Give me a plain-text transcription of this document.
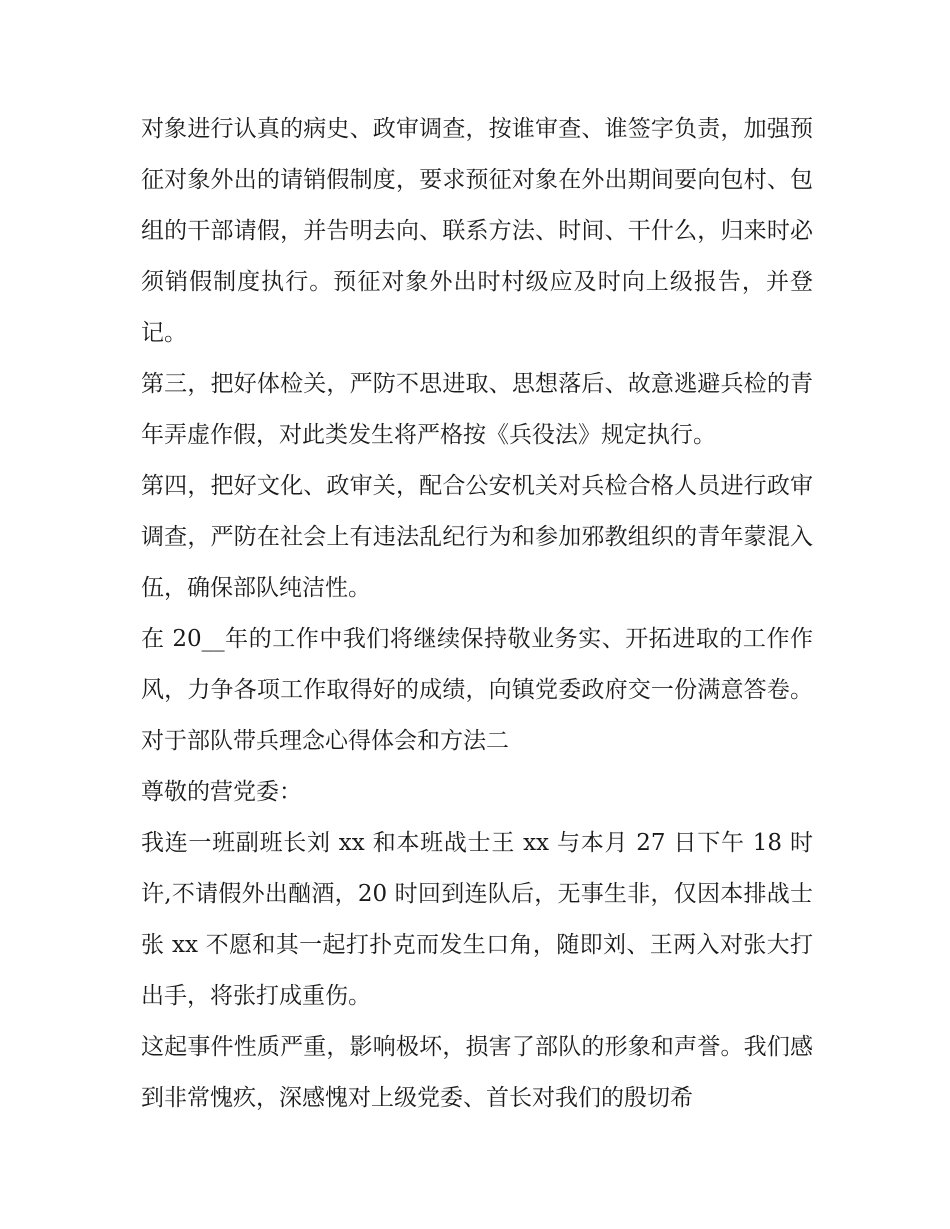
对象进行认真的病史、政审调查，按谁审查、谁签字负责，加强预征对象外出的请销假制度，要求预征对象在外出期间要向包村、包组的干部请假，并告明去向、联系方法、时间、干什么，归来时必须销假制度执行。预征对象外出时村级应及时向上级报告，并登记。

第三，把好体检关，严防不思进取、思想落后、故意逃避兵检的青年弄虚作假，对此类发生将严格按《兵役法》规定执行。

第四，把好文化、政审关，配合公安机关对兵检合格人员进行政审调查，严防在社会上有违法乱纪行为和参加邪教组织的青年蒙混入伍，确保部队纯洁性。

在 20__年的工作中我们将继续保持敬业务实、开拓进取的工作作风，力争各项工作取得好的成绩，向镇党委政府交一份满意答卷。 对于部队带兵理念心得体会和方法二

尊敬的营党委：

我连一班副班长刘 xx 和本班战士王 xx 与本月 27 日下午 18 时许,不请假外出酗酒，20 时回到连队后，无事生非，仅因本排战士张 xx 不愿和其一起打扑克而发生口角，随即刘、王两入对张大打出手，将张打成重伤。

这起事件性质严重，影响极坏，损害了部队的形象和声誉。我们感到非常愧疚，深感愧对上级党委、首长对我们的殷切希
